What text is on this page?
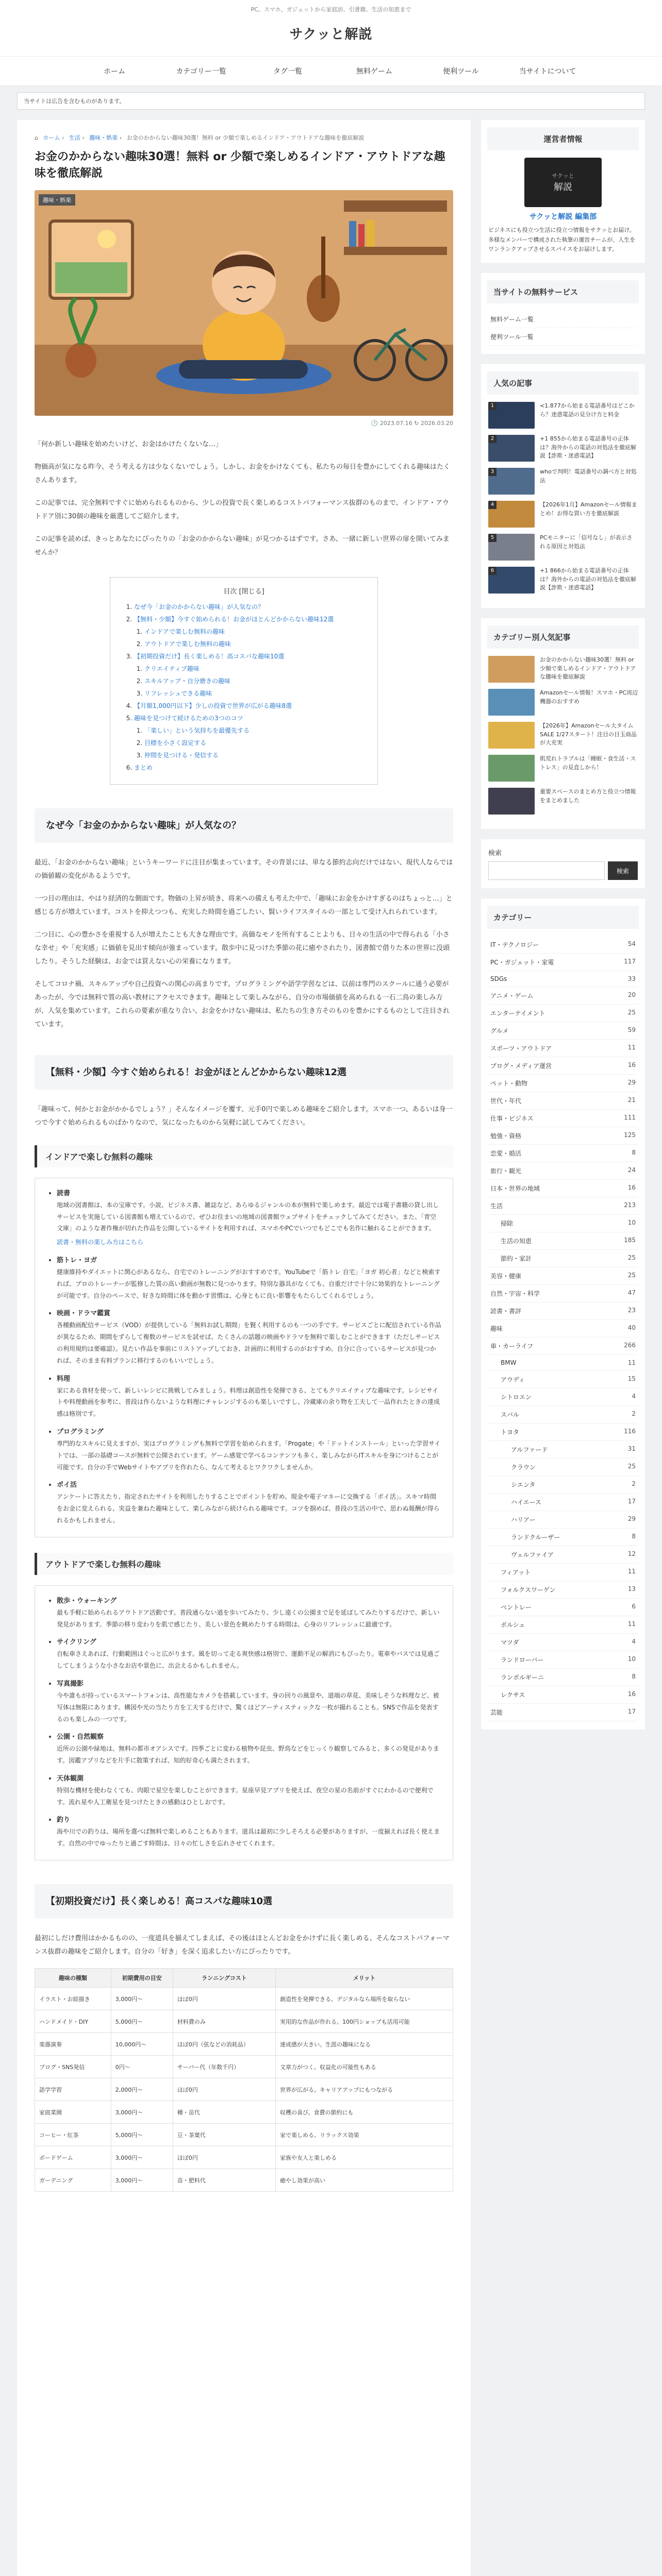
PC、スマホ、ガジェットから家庭訪、引書籍、生活の知恵まで
サクッと解説
ホーム	カテゴリー一覧	タグ一覧	無料ゲーム	便利ツール	当サイトについて
当サイトは広告を含むものがあります。
⌂ ホーム › 生活 › 趣味・娯楽 › お金のかからない趣味30選！無料 or 少額で楽しめるインドア・アウトドアな趣味を徹底解説
お金のかからない趣味30選！無料 or 少額で楽しめるインドア・アウトドアな趣味を徹底解説
趣味・娯楽
🕑 2023.07.16 ↻ 2026.03.20

「何か新しい趣味を始めたいけど、お金はかけたくないな…」

物価高が気になる昨今、そう考える方は少なくないでしょう。しかし、お金をかけなくても、私たちの毎日を豊かにしてくれる趣味はたくさんあります。

この記事では、完全無料ですぐに始められるものから、少しの投資で長く楽しめるコストパフォーマンス抜群のものまで、インドア・アウトドア別に30個の趣味を厳選してご紹介します。

この記事を読めば、きっとあなたにぴったりの「お金のかからない趣味」が見つかるはずです。さあ、一緒に新しい世界の扉を開いてみませんか？

目次 [閉じる]
1. なぜ今「お金のかからない趣味」が人気なの？
2. 【無料・少額】今すぐ始められる！お金がほとんどかからない趣味12選
1. インドアで楽しむ無料の趣味
2. アウトドアで楽しむ無料の趣味
3. 【初期投資だけ】長く楽しめる！高コスパな趣味10選
1. クリエイティブ趣味
2. スキルアップ・自分磨きの趣味
3. リフレッシュできる趣味
4. 【月額1,000円以下】少しの投資で世界が広がる趣味8選
5. 趣味を見つけて続けるための3つのコツ
1. 「楽しい」という気持ちを最優先する
2. 目標を小さく設定する
3. 仲間を見つける・発信する
6. まとめ
なぜ今「お金のかからない趣味」が人気なの？

最近、「お金のかからない趣味」というキーワードに注目が集まっています。その背景には、単なる節約志向だけではない、現代人ならではの価値観の変化があるようです。

一つ目の理由は、やはり経済的な側面です。物価の上昇が続き、将来への備えも考えた中で、「趣味にお金をかけすぎるのはちょっと…」と感じる方が増えています。コストを抑えつつも、充実した時間を過ごしたい、賢いライフスタイルの一部として受け入れられています。

二つ目に、心の豊かさを重視する人が増えたことも大きな理由です。高価なモノを所有することよりも、日々の生活の中で得られる「小さな幸せ」や「充実感」に価値を見出す傾向が強まっています。散歩中に見つけた季節の花に癒やされたり、図書館で借りた本の世界に没頭したり。そうした経験は、お金では買えない心の栄養になります。

そしてコロナ禍、スキルアップや自己投資への関心の高まりです。プログラミングや語学学習などは、以前は専門のスクールに通う必要があったが、今では無料で質の高い教材にアクセスできます。趣味として楽しみながら、自分の市場価値を高められる一石二鳥の楽しみ方が、人気を集めています。これらの要素が重なり合い、お金をかけない趣味は、私たちの生き方そのものを豊かにするものとして注目されています。

【無料・少額】今すぐ始められる！お金がほとんどかからない趣味12選

「趣味って、何かとお金がかかるでしょう？」そんなイメージを覆す、元手0円で楽しめる趣味をご紹介します。スマホ一つ、あるいは身一つで今すぐ始められるものばかりなので、気になったものから気軽に試してみてください。

インドアで楽しむ無料の趣味
• 読書

地域の図書館は、本の宝庫です。小説、ビジネス書、雑誌など、あらゆるジャンルの本が無料で楽しめます。最近では電子書籍の貸し出しサービスを実施している図書館も増えているので、ぜひお住まいの地域の図書館ウェブサイトをチェックしてみてください。また、「青空文庫」のような著作権が切れた作品を公開しているサイトを利用すれば、スマホやPCでいつでもどこでも名作に触れることができます。

読書・無料の楽しみ方はこちら

• 筋トレ・ヨガ

健康維持やダイエットに関心があるなら、自宅でのトレーニングがおすすめです。YouTubeで「筋トレ 自宅」「ヨガ 初心者」などと検索すれば、プロのトレーナーが監修した質の高い動画が無数に見つかります。特別な器具がなくても、自重だけで十分に効果的なトレーニングが可能です。自分のペースで、好きな時間に体を動かす習慣は、心身ともに良い影響をもたらしてくれるでしょう。

• 映画・ドラマ鑑賞

各種動画配信サービス（VOD）が提供している「無料お試し期間」を賢く利用するのも一つの手です。サービスごとに配信されている作品が異なるため、期間をずらして複数のサービスを試せば、たくさんの話題の映画やドラマを無料で楽しむことができます（ただしサービスの利用規約は要確認）。見たい作品を事前にリストアップしておき、計画的に利用するのがおすすめ。自分に合っているサービスが見つかれば、そのまま有料プランに移行するのもいいでしょう。

• 料理

家にある食材を使って、新しいレシピに挑戦してみましょう。料理は創造性を発揮できる、とてもクリエイティブな趣味です。レシピサイトや料理動画を参考に、普段は作らないような料理にチャレンジするのも楽しいですし、冷蔵庫の余り物を工夫して一品作れたときの達成感は格別です。

• プログラミング

専門的なスキルに見えますが、実はプログラミングも無料で学習を始められます。「Progate」や「ドットインストール」といった学習サイトでは、一部の基礎コースが無料で公開されています。ゲーム感覚で学べるコンテンツも多く、楽しみながらITスキルを身につけることが可能です。自分の手でWebサイトやアプリを作れたら、なんて考えるとワクワクしませんか。

• ポイ活

アンケートに答えたり、指定されたサイトを利用したりすることでポイントを貯め、現金や電子マネーに交換する「ポイ活」。スキマ時間をお金に変えられる、実益を兼ねた趣味として、楽しみながら続けられる趣味です。コツを掴めば、普段の生活の中で、思わぬ報酬が得られるかもしれません。

アウトドアで楽しむ無料の趣味
• 散歩・ウォーキング

最も手軽に始められるアウトドア活動です。普段通らない道を歩いてみたり、少し遠くの公園まで足を延ばしてみたりするだけで、新しい発見があります。季節の移り変わりを肌で感じたり、美しい景色を眺めたりする時間は、心身のリフレッシュに最適です。

• サイクリング

自転車さえあれば、行動範囲はぐっと広がります。風を切って走る爽快感は格別で、運動不足の解消にもぴったり。電車やバスでは見過ごしてしまうような小さなお店や景色に、出会えるかもしれません。

• 写真撮影

今や誰もが持っているスマートフォンは、高性能なカメラを搭載しています。身の回りの風景や、道端の草花、美味しそうな料理など、被写体は無限にあります。構図や光の当たり方を工夫するだけで、驚くほどアーティスティックな一枚が撮れることも。SNSで作品を発表するのも楽しみの一つです。

• 公園・自然観察

近所の公園や緑地は、無料の都市オアシスです。四季ごとに変わる植物や昆虫、野鳥などをじっくり観察してみると、多くの発見があります。図鑑アプリなどを片手に散策すれば、知的好奇心も満たされます。

• 天体観測

特別な機材を使わなくても、肉眼で星空を楽しむことができます。星座早見アプリを使えば、夜空の星の名前がすぐにわかるので便利です。流れ星や人工衛星を見つけたときの感動はひとしおです。

• 釣り

海や川での釣りは、場所を選べば無料で楽しめることもあります。道具は最初に少しそろえる必要がありますが、一度揃えれば長く使えます。自然の中でゆったりと過ごす時間は、日々の忙しさを忘れさせてくれます。

【初期投資だけ】長く楽しめる！高コスパな趣味10選

最初にしだけ費用はかかるものの、一度道具を揃えてしまえば、その後はほとんどお金をかけずに長く楽しめる、そんなコストパフォーマンス抜群の趣味をご紹介します。自分の「好き」を深く追求したい方にぴったりです。

趣味の種類	初期費用の目安	ランニングコスト	メリット
イラスト・お絵描き	3,000円〜	ほぼ0円	創造性を発揮できる。デジタルなら場所を取らない
ハンドメイド・DIY	5,000円〜	材料費のみ	実用的な作品が作れる。100円ショップも活用可能
楽器演奏	10,000円〜	ほぼ0円（弦などの消耗品）	達成感が大きい。生涯の趣味になる
ブログ・SNS発信	0円〜	サーバー代（年数千円）	文章力がつく。収益化の可能性もある
語学学習	2,000円〜	ほぼ0円	世界が広がる。キャリアアップにもつながる
家庭菜園	3,000円〜	種・苗代	収穫の喜び。食費の節約にも
コーヒー・紅茶	5,000円〜	豆・茶葉代	家で楽しめる。リラックス効果
ボードゲーム	3,000円〜	ほぼ0円	家族や友人と楽しめる
ガーデニング	3,000円〜	苗・肥料代	癒やし効果が高い
運営者情報
サクッと
解説
サクッと解説 編集部
ビジネスにも役立つ生活に役立つ情報をサクッとお届け。多様なメンバーで構成された執筆の運営チームが、人生をワンランクアップさせるスパイスをお届けします。
当サイトの無料サービス
無料ゲーム一覧
便利ツール一覧
人気の記事
1	<1.877から始まる電話番号はどこから？迷惑電話の見分け方と料金
2	+1 855から始まる電話番号の正体は？海外からの電話の対処法を徹底解説【詐欺・迷惑電話】
3	whoで判明！電話番号の調べ方と対処法
4	【2026年1月】Amazonセール情報まとめ！お得な買い方を徹底解説
5	PCモニターに「信号なし」が表示される原因と対処法
6	+1 866から始まる電話番号の正体は？海外からの電話の対処法を徹底解説【詐欺・迷惑電話】
カテゴリー別人気記事
お金のかからない趣味30選！無料 or 少額で楽しめるインドア・アウトドアな趣味を徹底解説
Amazonセール情報！スマホ・PC周辺機器のおすすめ
【2026年】Amazonセール大タイムSALE 1/27スタート！注目の目玉商品が大充実
肌荒れトラブルは「睡眠・食生活・ストレス」の見直しから！
重要スペースのまとめ方と役立つ情報をまとめました
検索
検索
カテゴリー
IT・テクノロジー	54
PC・ガジェット・家電	117
SDGs	33
アニメ・ゲーム	20
エンターテイメント	25
グルメ	59
スポーツ・アウトドア	11
ブログ・メディア運営	16
ペット・動物	29
世代・年代	21
仕事・ビジネス	111
勉強・資格	125
恋愛・婚活	8
旅行・観光	24
日本・世界の地域	16
生活	213
掃除	10
生活の知恵	185
節約・家計	25
美容・健康	25
自然・宇宙・科学	47
読書・書評	23
趣味	40
車・カーライフ	266
BMW	11
アウディ	15
シトロエン	4
スバル	2
トヨタ	116
アルファード	31
クラウン	25
シエンタ	2
ハイエース	17
ハリアー	29
ランドクルーザー	8
ヴェルファイア	12
フィアット	11
フォルクスワーゲン	13
ベントレー	6
ポルシェ	11
マツダ	4
ランドローバー	10
ランボルギーニ	8
レクサス	16
芸能	17
